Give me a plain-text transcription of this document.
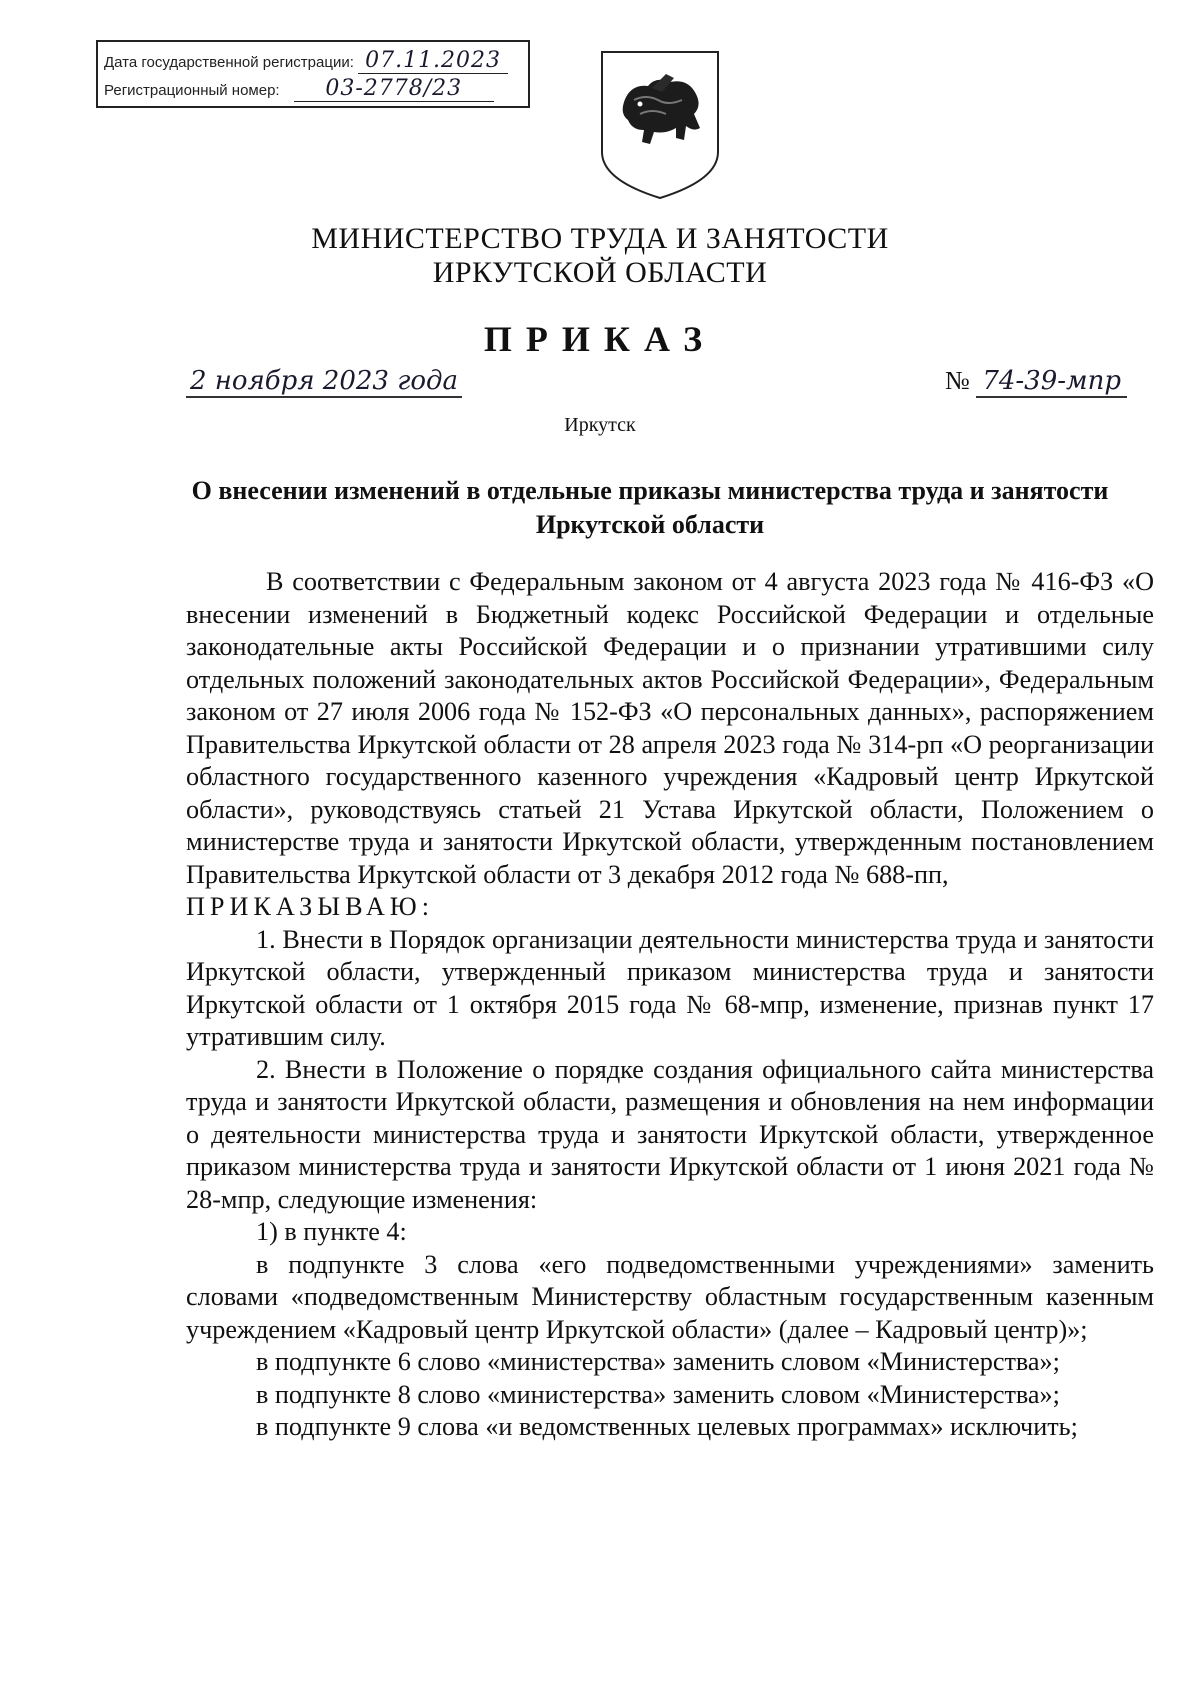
Дата государственной регистрации: 07.11.2023
Регистрационный номер: 03-2778/23
МИНИСТЕРСТВО ТРУДА И ЗАНЯТОСТИ
ИРКУТСКОЙ ОБЛАСТИ
ПРИКАЗ
2 ноября 2023 года	№ 74-39-мпр
Иркутск
О внесении изменений в отдельные приказы министерства труда и занятости Иркутской области

В соответствии с Федеральным законом от 4 августа 2023 года № 416-ФЗ «О внесении изменений в Бюджетный кодекс Российской Федерации и отдельные законодательные акты Российской Федерации и о признании утратившими силу отдельных положений законодательных актов Российской Федерации», Федеральным законом от 27 июля 2006 года № 152-ФЗ «О персональных данных», распоряжением Правительства Иркутской области от 28 апреля 2023 года № 314-рп «О реорганизации областного государственного казенного учреждения «Кадровый центр Иркутской области», руководствуясь статьей 21 Устава Иркутской области, Положением о министерстве труда и занятости Иркутской области, утвержденным постановлением Правительства Иркутской области от 3 декабря 2012 года № 688-пп,

ПРИКАЗЫВАЮ:

1. Внести в Порядок организации деятельности министерства труда и занятости Иркутской области, утвержденный приказом министерства труда и занятости Иркутской области от 1 октября 2015 года № 68-мпр, изменение, признав пункт 17 утратившим силу.

2. Внести в Положение о порядке создания официального сайта министерства труда и занятости Иркутской области, размещения и обновления на нем информации о деятельности министерства труда и занятости Иркутской области, утвержденное приказом министерства труда и занятости Иркутской области от 1 июня 2021 года № 28-мпр, следующие изменения:

1) в пункте 4:

в подпункте 3 слова «его подведомственными учреждениями» заменить словами «подведомственным Министерству областным государственным казенным учреждением «Кадровый центр Иркутской области» (далее – Кадровый центр)»;

в подпункте 6 слово «министерства» заменить словом «Министерства»;

в подпункте 8 слово «министерства» заменить словом «Министерства»;

в подпункте 9 слова «и ведомственных целевых программах» исключить;
